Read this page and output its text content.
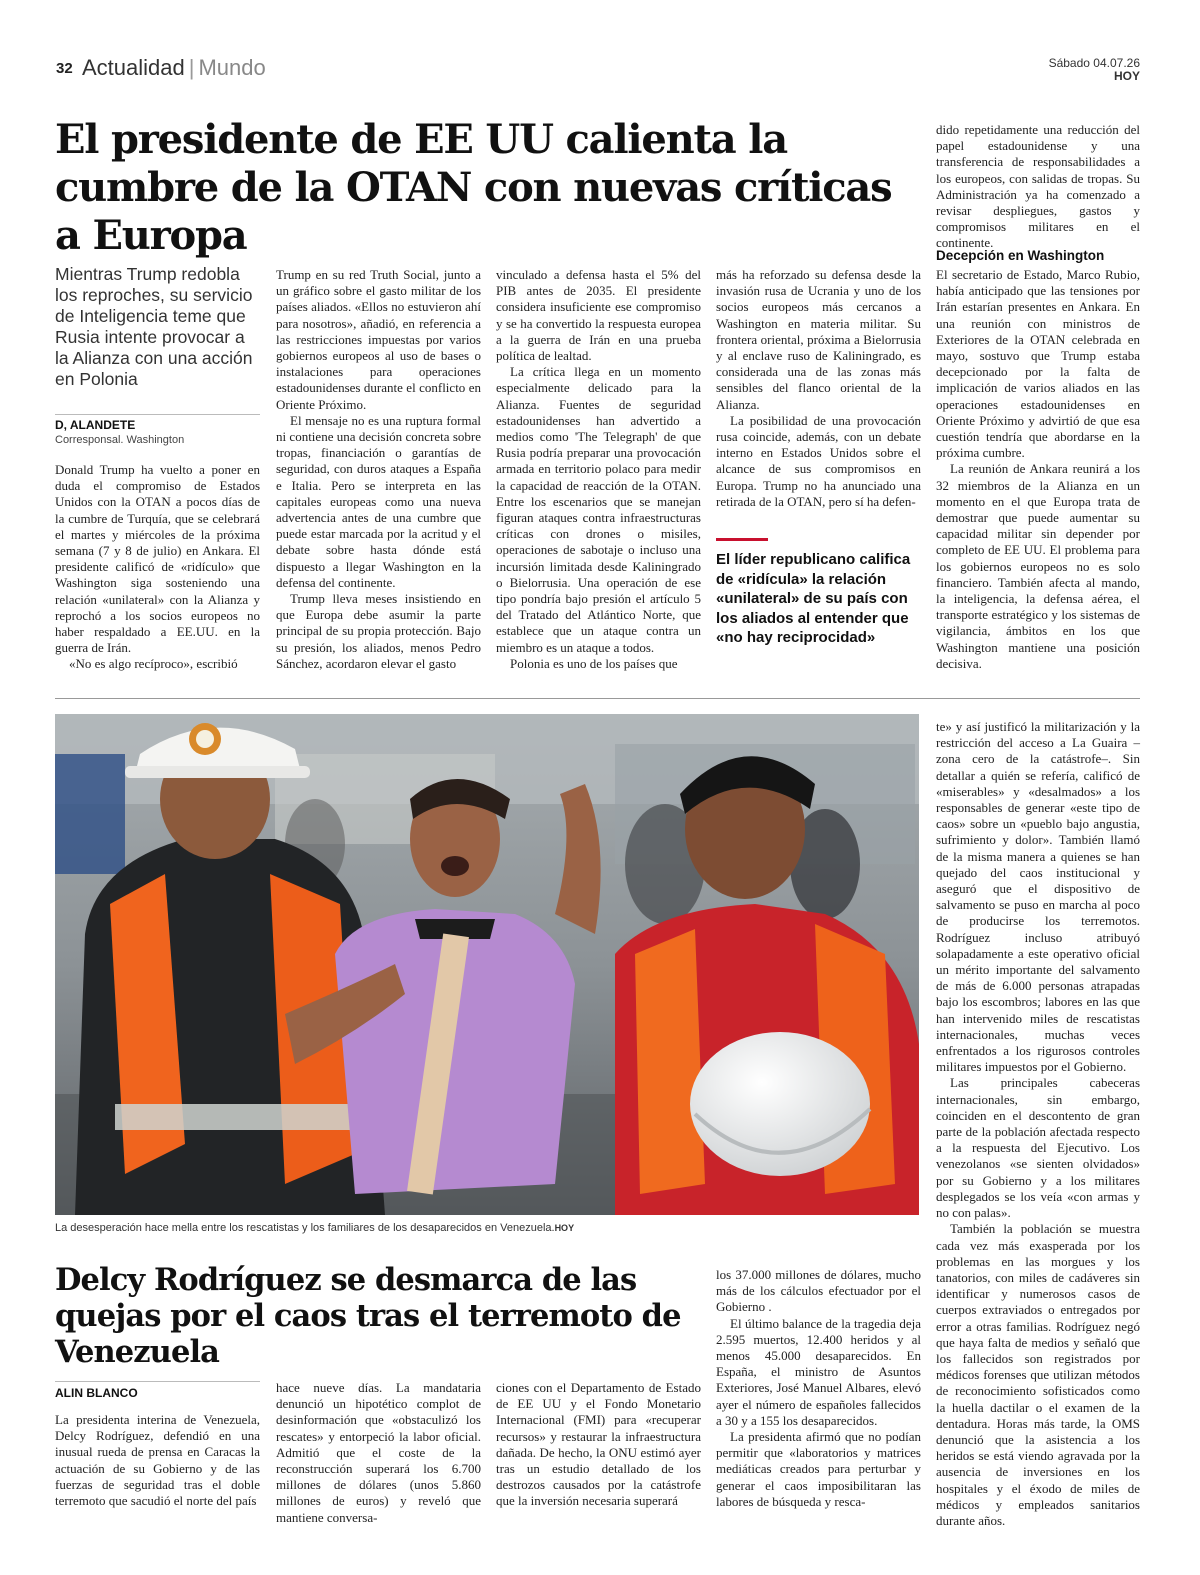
32 Actualidad | Mundo	Sábado 04.07.26
HOY
El presidente de EE UU calienta la cumbre de la OTAN con nuevas críticas a Europa
Mientras Trump redobla los reproches, su servicio de Inteligencia teme que Rusia intente provocar a la Alianza con una acción en Polonia
D, ALANDETE
Corresponsal. Washington

Donald Trump ha vuelto a poner en duda el compromiso de Estados Unidos con la OTAN a pocos días de la cumbre de Turquía, que se celebrará el martes y miércoles de la próxima semana (7 y 8 de julio) en Ankara. El presidente calificó de «ridículo» que Washington siga sosteniendo una relación «unilateral» con la Alianza y reprochó a los socios europeos no haber respaldado a EE.UU. en la guerra de Irán.

«No es algo recíproco», escribió

Trump en su red Truth Social, junto a un gráfico sobre el gasto militar de los países aliados. «Ellos no estuvieron ahí para nosotros», añadió, en referencia a las restricciones impuestas por varios gobiernos europeos al uso de bases o instalaciones para operaciones estadounidenses durante el conflicto en Oriente Próximo.

El mensaje no es una ruptura formal ni contiene una decisión concreta sobre tropas, financiación o garantías de seguridad, con duros ataques a España e Italia. Pero se interpreta en las capitales europeas como una nueva advertencia antes de una cumbre que puede estar marcada por la acritud y el debate sobre hasta dónde está dispuesto a llegar Washington en la defensa del continente.

Trump lleva meses insistiendo en que Europa debe asumir la parte principal de su propia protección. Bajo su presión, los aliados, menos Pedro Sánchez, acordaron elevar el gasto

vinculado a defensa hasta el 5% del PIB antes de 2035. El presidente considera insuficiente ese compromiso y se ha convertido la respuesta europea a la guerra de Irán en una prueba política de lealtad.

La crítica llega en un momento especialmente delicado para la Alianza. Fuentes de seguridad estadounidenses han advertido a medios como 'The Telegraph' de que Rusia podría preparar una provocación armada en territorio polaco para medir la capacidad de reacción de la OTAN. Entre los escenarios que se manejan figuran ataques contra infraestructuras críticas con drones o misiles, operaciones de sabotaje o incluso una incursión limitada desde Kaliningrado o Bielorrusia. Una operación de ese tipo pondría bajo presión el artículo 5 del Tratado del Atlántico Norte, que establece que un ataque contra un miembro es un ataque a todos.

Polonia es uno de los países que

más ha reforzado su defensa desde la invasión rusa de Ucrania y uno de los socios europeos más cercanos a Washington en materia militar. Su frontera oriental, próxima a Bielorrusia y al enclave ruso de Kaliningrado, es considerada una de las zonas más sensibles del flanco oriental de la Alianza.

La posibilidad de una provocación rusa coincide, además, con un debate interno en Estados Unidos sobre el alcance de sus compromisos en Europa. Trump no ha anunciado una retirada de la OTAN, pero sí ha defen-

El líder republicano califica de «ridícula» la relación «unilateral» de su país con los aliados al entender que «no hay reciprocidad»

dido repetidamente una reducción del papel estadounidense y una transferencia de responsabilidades a los europeos, con salidas de tropas. Su Administración ya ha comenzado a revisar despliegues, gastos y compromisos militares en el continente.

Decepción en Washington

El secretario de Estado, Marco Rubio, había anticipado que las tensiones por Irán estarían presentes en Ankara. En una reunión con ministros de Exteriores de la OTAN celebrada en mayo, sostuvo que Trump estaba decepcionado por la falta de implicación de varios aliados en las operaciones estadounidenses en Oriente Próximo y advirtió de que esa cuestión tendría que abordarse en la próxima cumbre.

La reunión de Ankara reunirá a los 32 miembros de la Alianza en un momento en el que Europa trata de demostrar que puede aumentar su capacidad militar sin depender por completo de EE UU. El problema para los gobiernos europeos no es solo financiero. También afecta al mando, la inteligencia, la defensa aérea, el transporte estratégico y los sistemas de vigilancia, ámbitos en los que Washington mantiene una posición decisiva.

La desesperación hace mella entre los rescatistas y los familiares de los desaparecidos en Venezuela.HOY
Delcy Rodríguez se desmarca de las quejas por el caos tras el terremoto de Venezuela
ALIN BLANCO

La presidenta interina de Venezuela, Delcy Rodríguez, defendió en una inusual rueda de prensa en Caracas la actuación de su Gobierno y de las fuerzas de seguridad tras el doble terremoto que sacudió el norte del país

hace nueve días. La mandataria denunció un hipotético complot de desinformación que «obstaculizó los rescates» y entorpeció la labor oficial. Admitió que el coste de la reconstrucción superará los 6.700 millones de dólares (unos 5.860 millones de euros) y reveló que mantiene conversa-

ciones con el Departamento de Estado de EE UU y el Fondo Monetario Internacional (FMI) para «recuperar recursos» y restaurar la infraestructura dañada. De hecho, la ONU estimó ayer tras un estudio detallado de los destrozos causados por la catástrofe que la inversión necesaria superará

los 37.000 millones de dólares, mucho más de los cálculos efectuador por el Gobierno .

El último balance de la tragedia deja 2.595 muertos, 12.400 heridos y al menos 45.000 desaparecidos. En España, el ministro de Asuntos Exteriores, José Manuel Albares, elevó ayer el número de españoles fallecidos a 30 y a 155 los desaparecidos.

La presidenta afirmó que no podían permitir que «laboratorios y matrices mediáticas creados para perturbar y generar el caos imposibilitaran las labores de búsqueda y resca-

te» y así justificó la militarización y la restricción del acceso a La Guaira –zona cero de la catástrofe–. Sin detallar a quién se refería, calificó de «miserables» y «desalmados» a los responsables de generar «este tipo de caos» sobre un «pueblo bajo angustia, sufrimiento y dolor». También llamó de la misma manera a quienes se han quejado del caos institucional y aseguró que el dispositivo de salvamento se puso en marcha al poco de producirse los terremotos. Rodríguez incluso atribuyó solapadamente a este operativo oficial un mérito importante del salvamento de más de 6.000 personas atrapadas bajo los escombros; labores en las que han intervenido miles de rescatistas internacionales, muchas veces enfrentados a los rigurosos controles militares impuestos por el Gobierno.

Las principales cabeceras internacionales, sin embargo, coinciden en el descontento de gran parte de la población afectada respecto a la respuesta del Ejecutivo. Los venezolanos «se sienten olvidados» por su Gobierno y a los militares desplegados se los veía «con armas y no con palas».

También la población se muestra cada vez más exasperada por los problemas en las morgues y los tanatorios, con miles de cadáveres sin identificar y numerosos casos de cuerpos extraviados o entregados por error a otras familias. Rodríguez negó que haya falta de medios y señaló que los fallecidos son registrados por médicos forenses que utilizan métodos de reconocimiento sofisticados como la huella dactilar o el examen de la dentadura. Horas más tarde, la OMS denunció que la asistencia a los heridos se está viendo agravada por la ausencia de inversiones en los hospitales y el éxodo de miles de médicos y empleados sanitarios durante años.
